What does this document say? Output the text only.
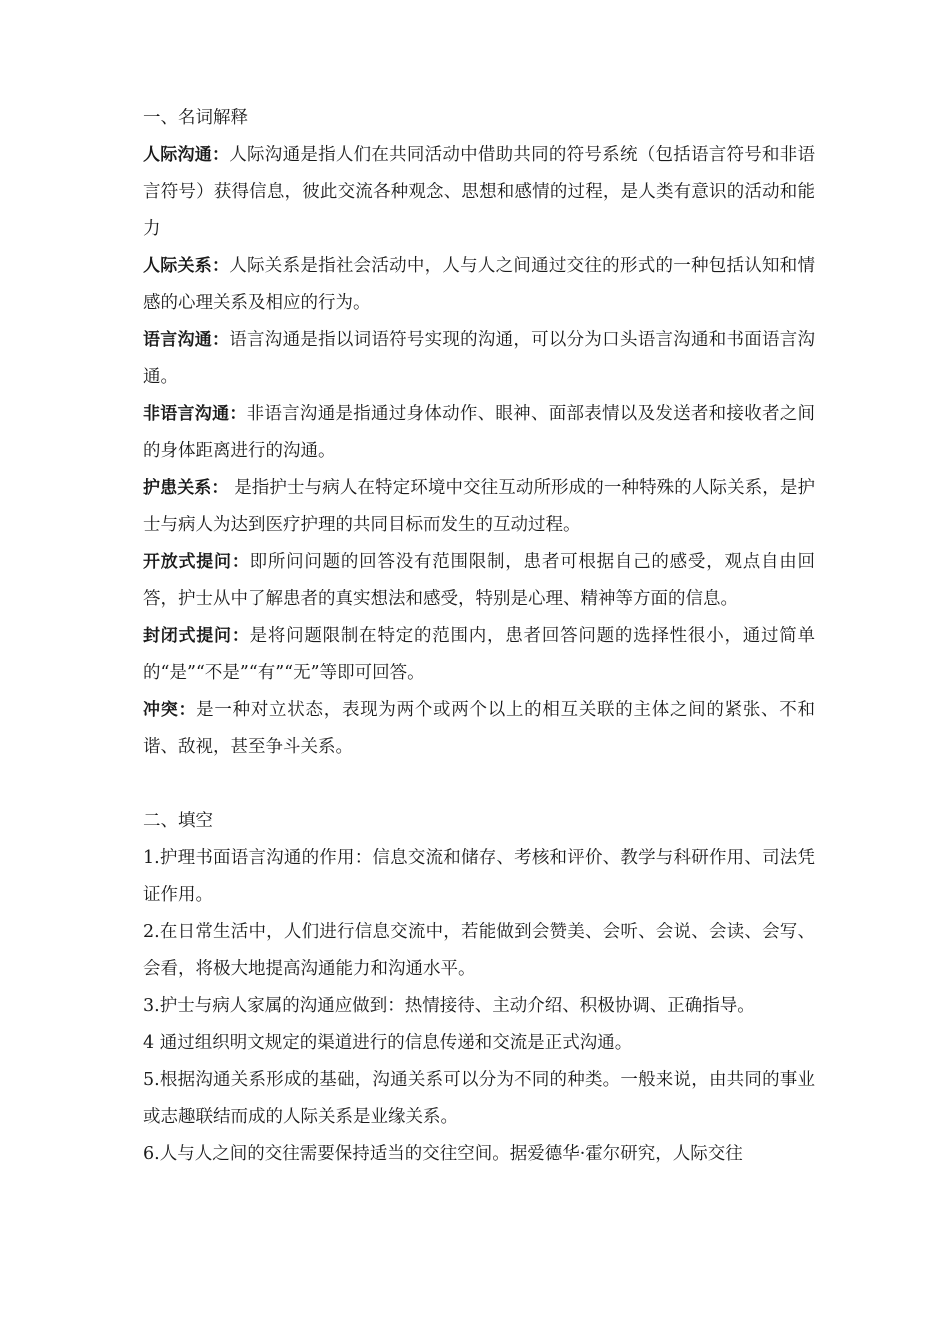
一、名词解释
人际沟通：人际沟通是指人们在共同活动中借助共同的符号系统（包括语言符号和非语言符号）获得信息，彼此交流各种观念、思想和感情的过程，是人类有意识的活动和能力
人际关系：人际关系是指社会活动中，人与人之间通过交往的形式的一种包括认知和情感的心理关系及相应的行为。
语言沟通：语言沟通是指以词语符号实现的沟通，可以分为口头语言沟通和书面语言沟通。
非语言沟通：非语言沟通是指通过身体动作、眼神、面部表情以及发送者和接收者之间的身体距离进行的沟通。
护患关系： 是指护士与病人在特定环境中交往互动所形成的一种特殊的人际关系，是护士与病人为达到医疗护理的共同目标而发生的互动过程。
开放式提问：即所问问题的回答没有范围限制，患者可根据自己的感受，观点自由回答，护士从中了解患者的真实想法和感受，特别是心理、精神等方面的信息。
封闭式提问：是将问题限制在特定的范围内，患者回答问题的选择性很小，通过简单的“是”“不是”“有”“无”等即可回答。
冲突：是一种对立状态，表现为两个或两个以上的相互关联的主体之间的紧张、不和谐、敌视，甚至争斗关系。
二、填空
1.护理书面语言沟通的作用：信息交流和储存、考核和评价、教学与科研作用、司法凭证作用。
2.在日常生活中，人们进行信息交流中，若能做到会赞美、会听、会说、会读、会写、会看，将极大地提高沟通能力和沟通水平。
3.护士与病人家属的沟通应做到：热情接待、主动介绍、积极协调、正确指导。
4 通过组织明文规定的渠道进行的信息传递和交流是正式沟通。
5.根据沟通关系形成的基础，沟通关系可以分为不同的种类。一般来说，由共同的事业或志趣联结而成的人际关系是业缘关系。
6.人与人之间的交往需要保持适当的交往空间。据爱德华·霍尔研究，人际交往
